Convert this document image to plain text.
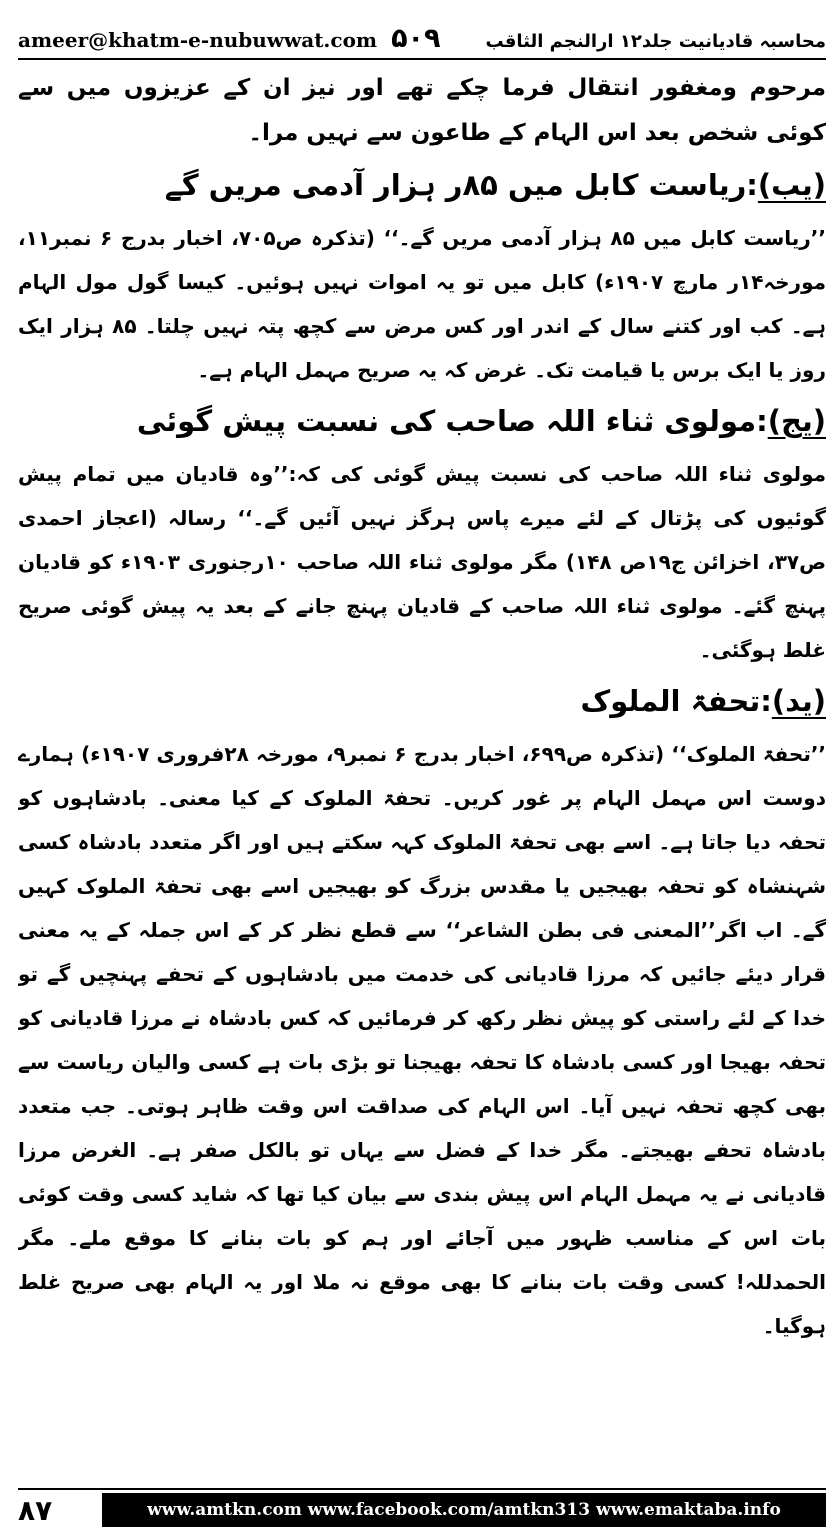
ameer@khatm-e-nubuwwat.com ۵۰۹ محاسبہ قادیانیت جلد۱۲ ارالنجم الثاقب

مرحوم ومغفور انتقال فرما چکے تھے اور نیز ان کے عزیزوں میں سے کوئی شخص بعد اس الہام کے طاعون سے نہیں مرا۔

(یب):ریاست کابل میں ۸۵ر ہزار آدمی مریں گے

’’ریاست کابل میں ۸۵ ہزار آدمی مریں گے۔‘‘ (تذکرہ ص۷۰۵، اخبار بدرج ۶ نمبر۱۱، مورخہ۱۴ر مارچ ۱۹۰۷ء) کابل میں تو یہ اموات نہیں ہوئیں۔ کیسا گول مول الہام ہے۔ کب اور کتنے سال کے اندر اور کس مرض سے کچھ پتہ نہیں چلتا۔ ۸۵ ہزار ایک روز یا ایک برس یا قیامت تک۔ غرض کہ یہ صریح مہمل الہام ہے۔

(یج):مولوی ثناء اللہ صاحب کی نسبت پیش گوئی

مولوی ثناء اللہ صاحب کی نسبت پیش گوئی کی کہ:’’وہ قادیان میں تمام پیش گوئیوں کی پڑتال کے لئے میرے پاس ہرگز نہیں آئیں گے۔‘‘ رسالہ (اعجاز احمدی ص۳۷، اخزائن ج۱۹ص ۱۴۸) مگر مولوی ثناء اللہ صاحب ۱۰رجنوری ۱۹۰۳ء کو قادیان پہنچ گئے۔ مولوی ثناء اللہ صاحب کے قادیان پہنچ جانے کے بعد یہ پیش گوئی صریح غلط ہوگئی۔

(ید):تحفۃ الملوک

’’تحفۃ الملوک‘‘ (تذکرہ ص۶۹۹، اخبار بدرج ۶ نمبر۹، مورخہ ۲۸فروری ۱۹۰۷ء) ہمارے دوست اس مہمل الہام پر غور کریں۔ تحفۃ الملوک کے کیا معنی۔ بادشاہوں کو تحفہ دیا جاتا ہے۔ اسے بھی تحفۃ الملوک کہہ سکتے ہیں اور اگر متعدد بادشاہ کسی شہنشاہ کو تحفہ بھیجیں یا مقدس بزرگ کو بھیجیں اسے بھی تحفۃ الملوک کہیں گے۔ اب اگر’’المعنی فی بطن الشاعر‘‘ سے قطع نظر کر کے اس جملہ کے یہ معنی قرار دیئے جائیں کہ مرزا قادیانی کی خدمت میں بادشاہوں کے تحفے پہنچیں گے تو خدا کے لئے راستی کو پیش نظر رکھ کر فرمائیں کہ کس بادشاہ نے مرزا قادیانی کو تحفہ بھیجا اور کسی بادشاہ کا تحفہ بھیجنا تو بڑی بات ہے کسی والیان ریاست سے بھی کچھ تحفہ نہیں آیا۔ اس الہام کی صداقت اس وقت ظاہر ہوتی۔ جب متعدد بادشاہ تحفے بھیجتے۔ مگر خدا کے فضل سے یہاں تو بالکل صفر ہے۔ الغرض مرزا قادیانی نے یہ مہمل الہام اس پیش بندی سے بیان کیا تھا کہ شاید کسی وقت کوئی بات اس کے مناسب ظہور میں آجائے اور ہم کو بات بنانے کا موقع ملے۔ مگر الحمدللہ! کسی وقت بات بنانے کا بھی موقع نہ ملا اور یہ الہام بھی صریح غلط ہوگیا۔

۸۷	www.amtkn.com www.facebook.com/amtkn313 www.emaktaba.info
